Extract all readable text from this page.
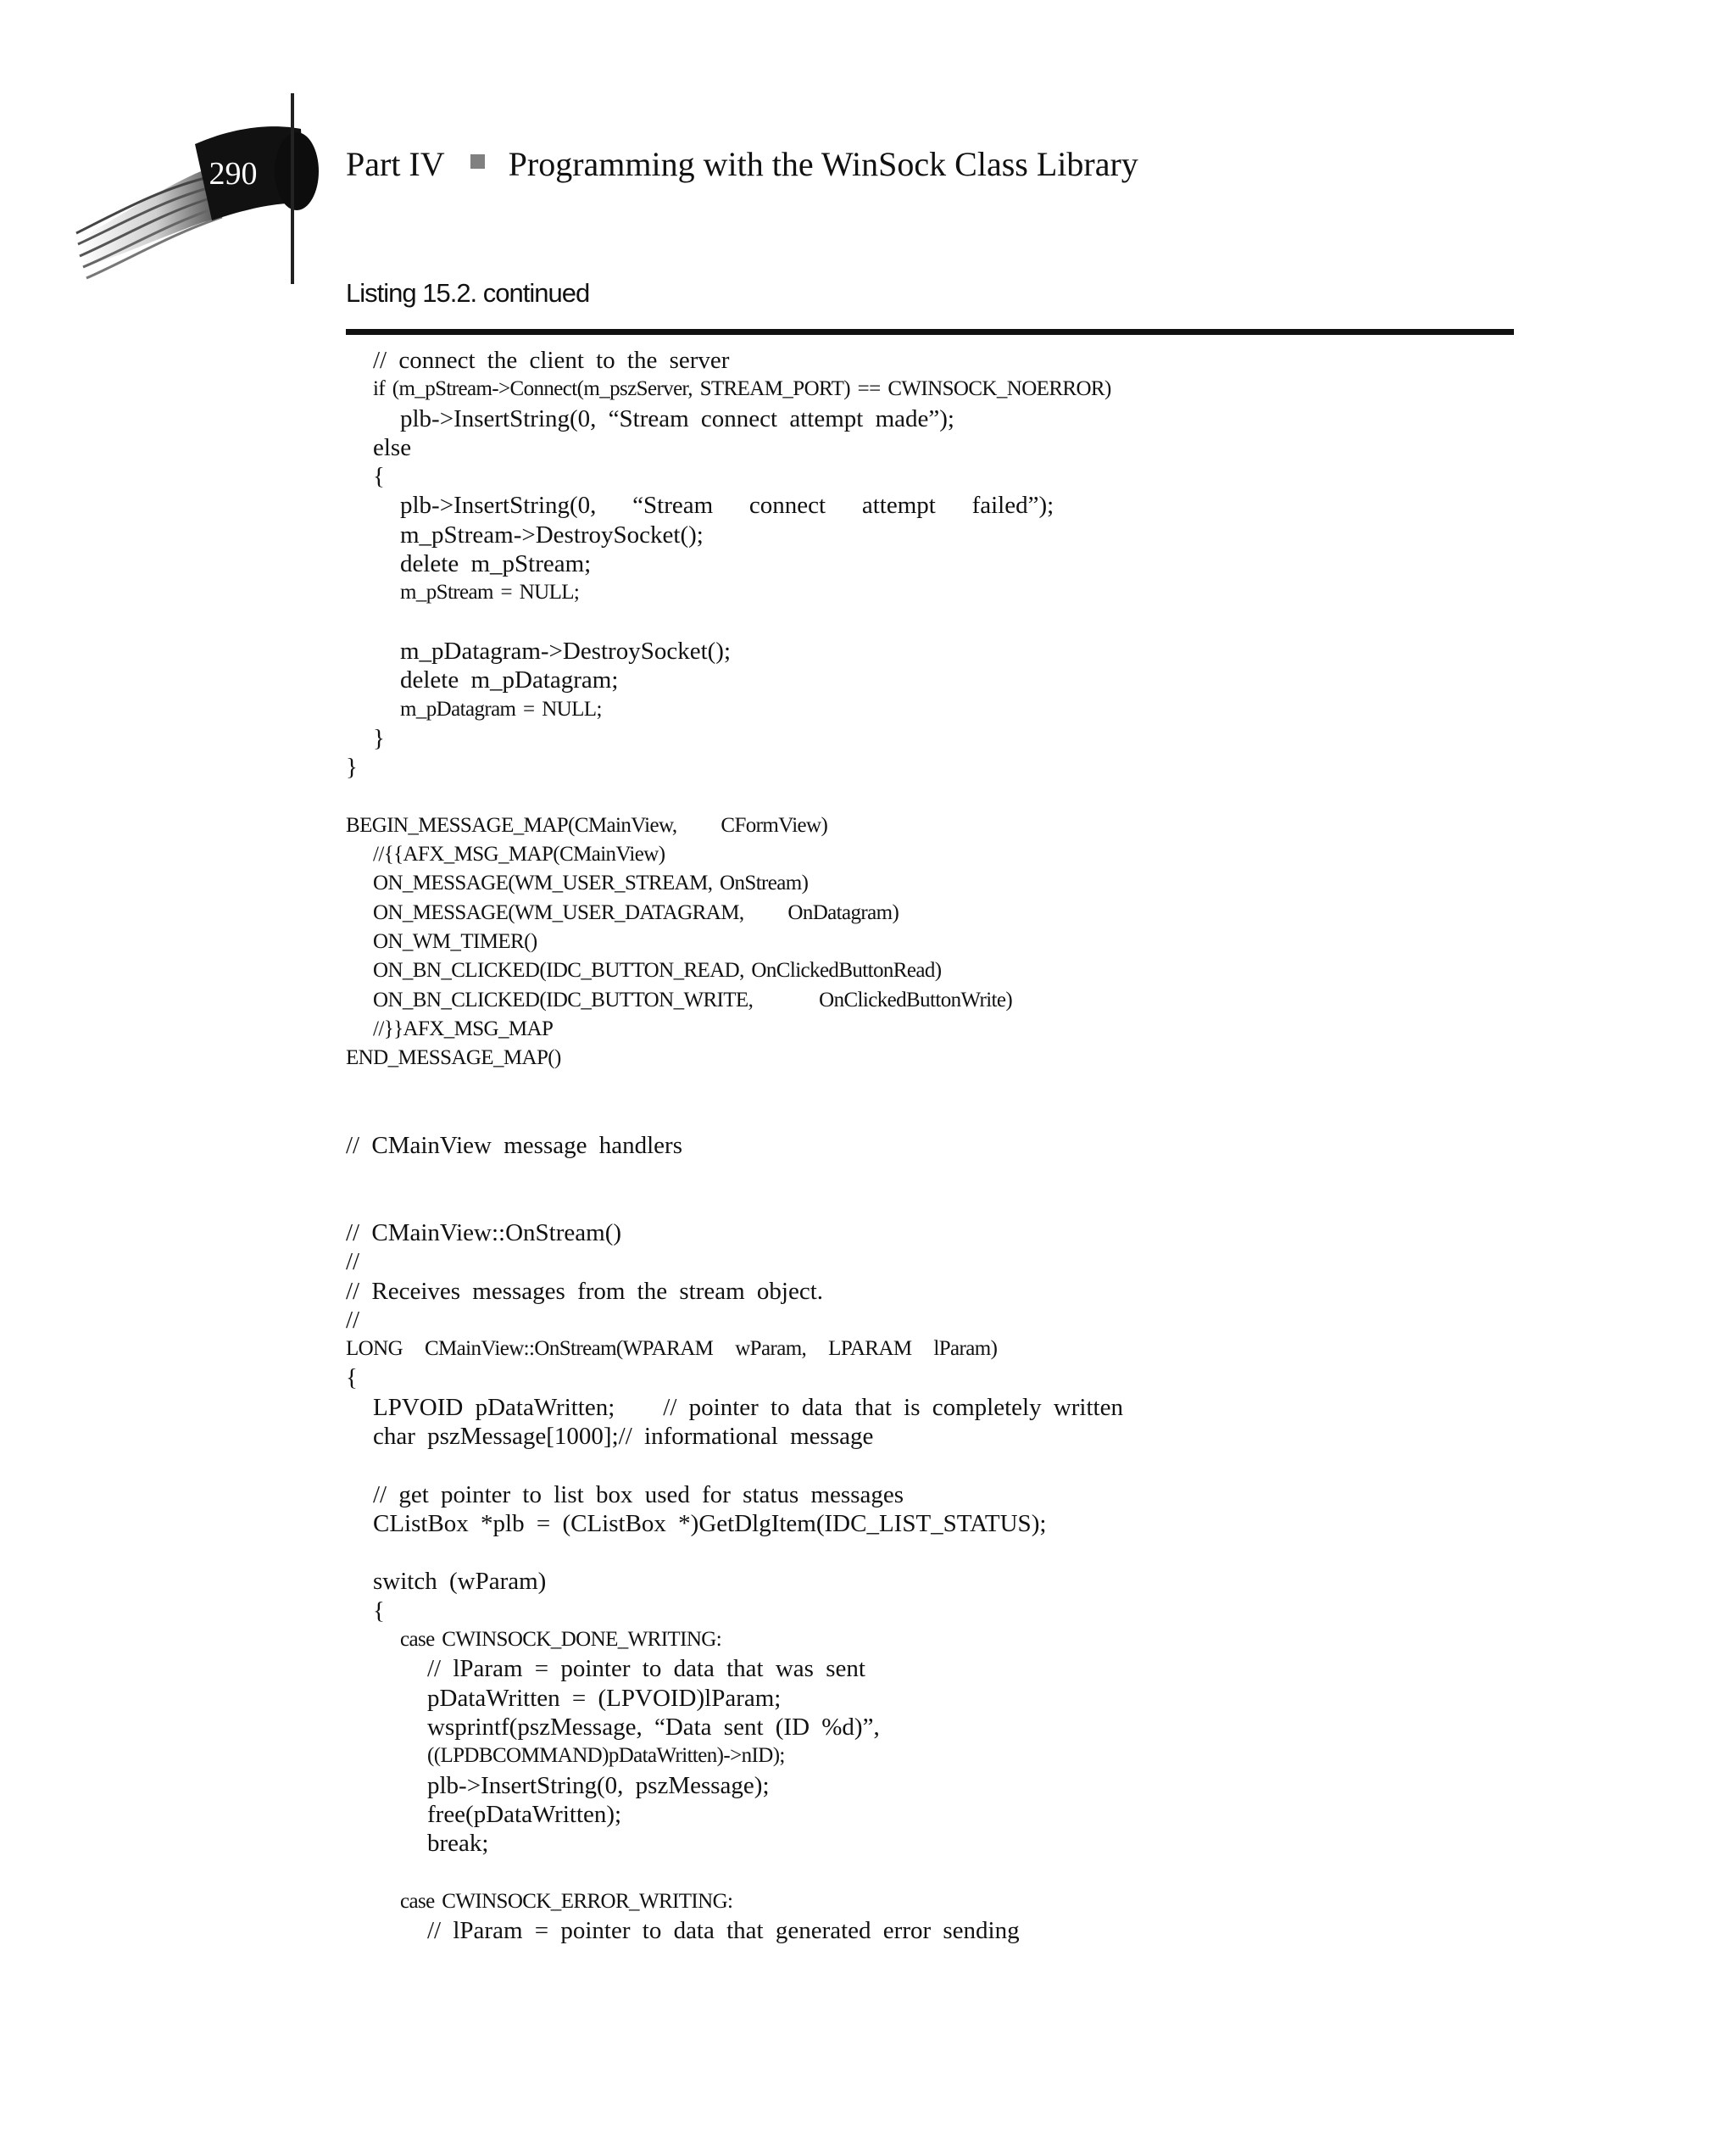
290	Part IV Programming with the WinSock Class Library
Listing 15.2. continued
// connect the client to the server
if (m_pStream->Connect(m_pszServer, STREAM_PORT) == CWINSOCK_NOERROR)
plb->InsertString(0, “Stream connect attempt made”);
else
{
plb->InsertString(0,   “Stream   connect   attempt   failed”);
m_pStream->DestroySocket();
delete m_pStream;
m_pStream = NULL;
m_pDatagram->DestroySocket();
delete m_pDatagram;
m_pDatagram = NULL;
}
}
BEGIN_MESSAGE_MAP(CMainView,      CFormView)
//{{AFX_MSG_MAP(CMainView)
ON_MESSAGE(WM_USER_STREAM, OnStream)
ON_MESSAGE(WM_USER_DATAGRAM,      OnDatagram)
ON_WM_TIMER()
ON_BN_CLICKED(IDC_BUTTON_READ, OnClickedButtonRead)
ON_BN_CLICKED(IDC_BUTTON_WRITE,         OnClickedButtonWrite)
//}}AFX_MSG_MAP
END_MESSAGE_MAP()
// CMainView message handlers
// CMainView::OnStream()
//
// Receives messages from the stream object.
//
LONG   CMainView::OnStream(WPARAM   wParam,   LPARAM   lParam)
{
LPVOID pDataWritten;    // pointer to data that is completely written
char pszMessage[1000];// informational message
// get pointer to list box used for status messages
CListBox *plb = (CListBox *)GetDlgItem(IDC_LIST_STATUS);
switch (wParam)
{
case CWINSOCK_DONE_WRITING:
// lParam = pointer to data that was sent
pDataWritten = (LPVOID)lParam;
wsprintf(pszMessage, “Data sent (ID %d)”,
((LPDBCOMMAND)pDataWritten)->nID);
plb->InsertString(0, pszMessage);
free(pDataWritten);
break;
case CWINSOCK_ERROR_WRITING:
// lParam = pointer to data that generated error sending
